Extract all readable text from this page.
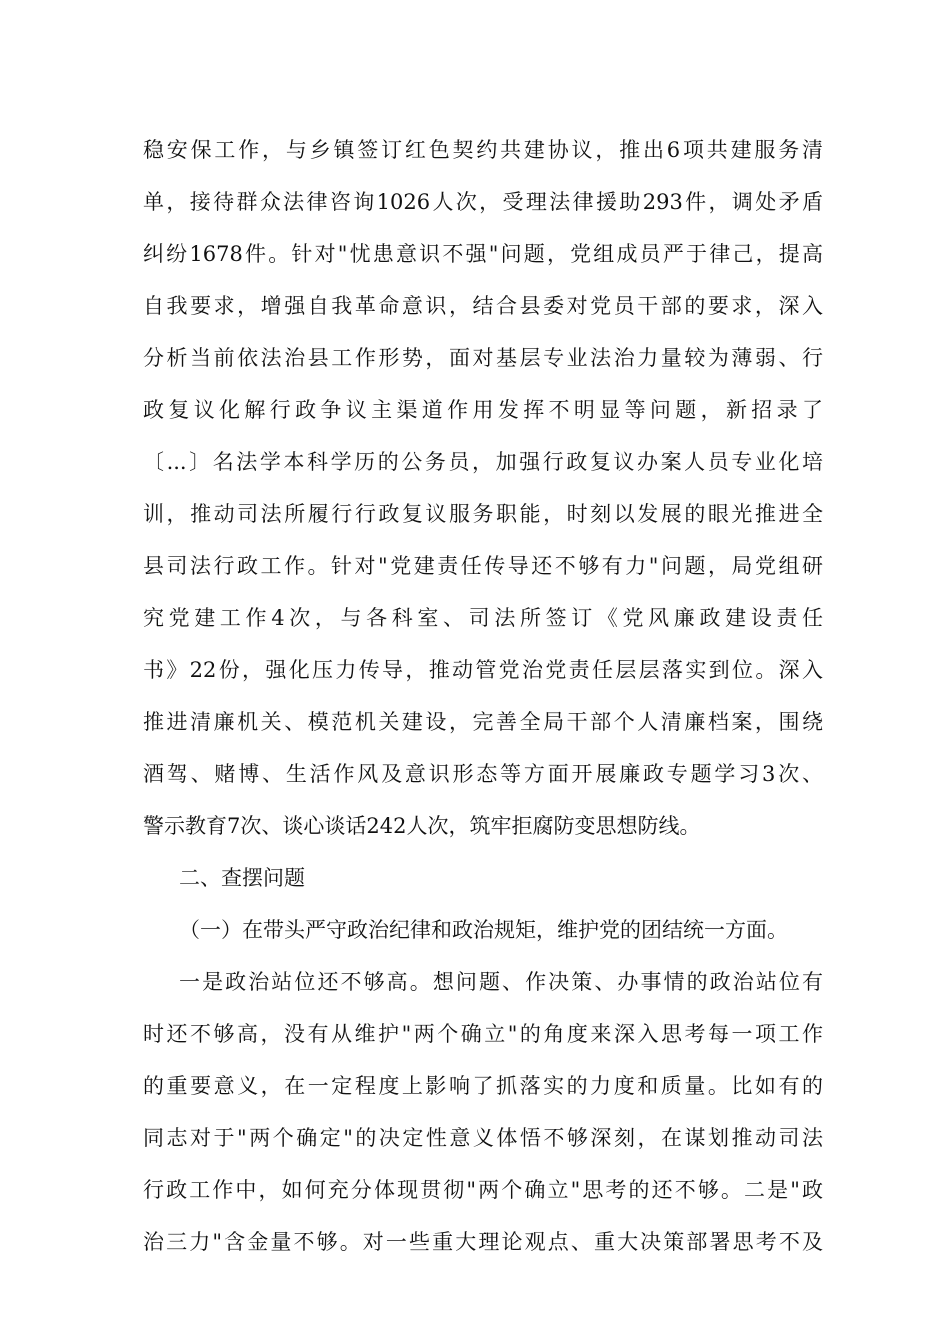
稳安保工作，与乡镇签订红色契约共建协议，推出6项共建服务清

单，接待群众法律咨询1026人次，受理法律援助293件，调处矛盾

纠纷1678件。针对"忧患意识不强"问题，党组成员严于律己，提高

自我要求，增强自我革命意识，结合县委对党员干部的要求，深入

分析当前依法治县工作形势，面对基层专业法治力量较为薄弱、行

政复议化解行政争议主渠道作用发挥不明显等问题，新招录了

〔...〕名法学本科学历的公务员，加强行政复议办案人员专业化培

训，推动司法所履行行政复议服务职能，时刻以发展的眼光推进全

县司法行政工作。针对"党建责任传导还不够有力"问题，局党组研

究党建工作4次，与各科室、司法所签订《党风廉政建设责任

书》22份，强化压力传导，推动管党治党责任层层落实到位。深入

推进清廉机关、模范机关建设，完善全局干部个人清廉档案，围绕

酒驾、赌博、生活作风及意识形态等方面开展廉政专题学习3次、

警示教育7次、谈心谈话242人次，筑牢拒腐防变思想防线。

二、查摆问题

（一）在带头严守政治纪律和政治规矩，维护党的团结统一方面。

一是政治站位还不够高。想问题、作决策、办事情的政治站位有

时还不够高，没有从维护"两个确立"的角度来深入思考每一项工作

的重要意义，在一定程度上影响了抓落实的力度和质量。比如有的

同志对于"两个确定"的决定性意义体悟不够深刻，在谋划推动司法

行政工作中，如何充分体现贯彻"两个确立"思考的还不够。二是"政

治三力"含金量不够。对一些重大理论观点、重大决策部署思考不及
